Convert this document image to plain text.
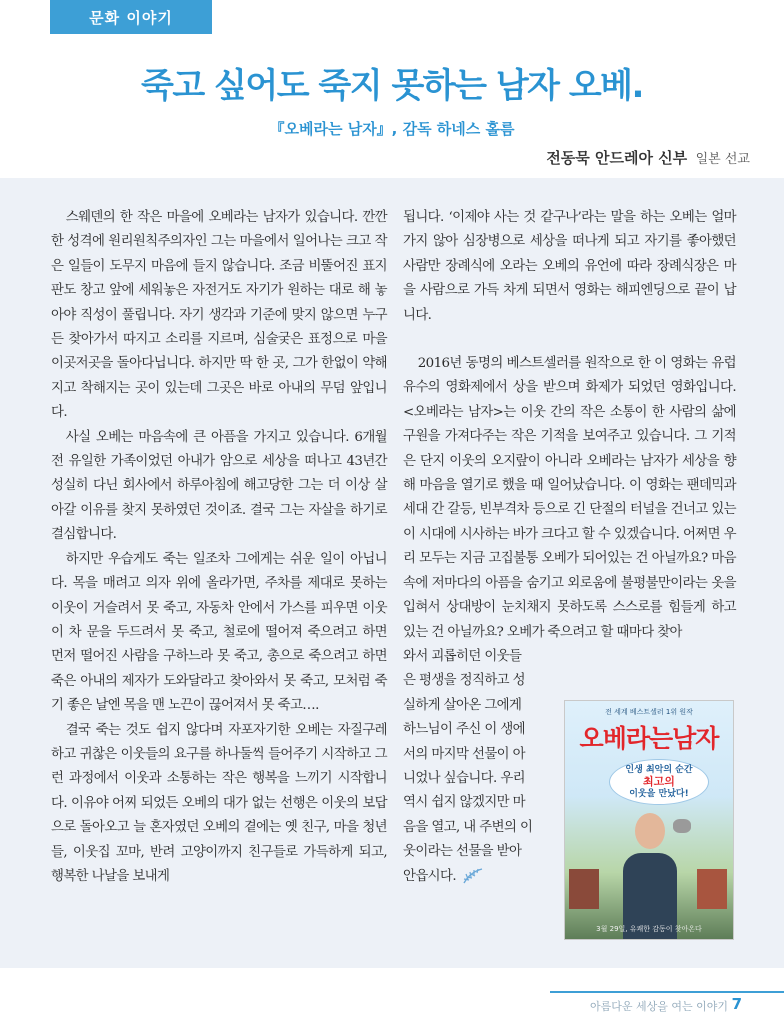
문화 이야기
죽고 싶어도 죽지 못하는 남자 오베.
『오베라는 남자』, 감독 하네스 홀름
전동묵 안드레아 신부 일본 선교

스웨덴의 한 작은 마을에 오베라는 남자가 있습니다. 깐깐한 성격에 원리원칙주의자인 그는 마을에서 일어나는 크고 작은 일들이 도무지 마음에 들지 않습니다. 조금 비뚤어진 표지판도 창고 앞에 세워놓은 자전거도 자기가 원하는 대로 해 놓아야 직성이 풀립니다. 자기 생각과 기준에 맞지 않으면 누구든 찾아가서 따지고 소리를 지르며, 심술궂은 표정으로 마을 이곳저곳을 돌아다닙니다. 하지만 딱 한 곳, 그가 한없이 약해지고 착해지는 곳이 있는데 그곳은 바로 아내의 무덤 앞입니다.

사실 오베는 마음속에 큰 아픔을 가지고 있습니다. 6개월 전 유일한 가족이었던 아내가 암으로 세상을 떠나고 43년간 성실히 다닌 회사에서 하루아침에 해고당한 그는 더 이상 살아갈 이유를 찾지 못하였던 것이죠. 결국 그는 자살을 하기로 결심합니다.

하지만 우습게도 죽는 일조차 그에게는 쉬운 일이 아닙니다. 목을 매려고 의자 위에 올라가면, 주차를 제대로 못하는 이웃이 거슬려서 못 죽고, 자동차 안에서 가스를 피우면 이웃이 차 문을 두드려서 못 죽고, 철로에 떨어져 죽으려고 하면 먼저 떨어진 사람을 구하느라 못 죽고, 총으로 죽으려고 하면 죽은 아내의 제자가 도와달라고 찾아와서 못 죽고, 모처럼 죽기 좋은 날엔 목을 맨 노끈이 끊어져서 못 죽고….

결국 죽는 것도 쉽지 않다며 자포자기한 오베는 자질구레하고 귀찮은 이웃들의 요구를 하나둘씩 들어주기 시작하고 그런 과정에서 이웃과 소통하는 작은 행복을 느끼기 시작합니다. 이유야 어찌 되었든 오베의 대가 없는 선행은 이웃의 보답으로 돌아오고 늘 혼자였던 오베의 곁에는 옛 친구, 마을 청년들, 이웃집 꼬마, 반려 고양이까지 친구들로 가득하게 되고, 행복한 나날을 보내게

됩니다. ‘이제야 사는 것 같구나’라는 말을 하는 오베는 얼마 가지 않아 심장병으로 세상을 떠나게 되고 자기를 좋아했던 사람만 장례식에 오라는 오베의 유언에 따라 장례식장은 마을 사람으로 가득 차게 되면서 영화는 해피엔딩으로 끝이 납니다.

2016년 동명의 베스트셀러를 원작으로 한 이 영화는 유럽 유수의 영화제에서 상을 받으며 화제가 되었던 영화입니다. <오베라는 남자>는 이웃 간의 작은 소통이 한 사람의 삶에 구원을 가져다주는 작은 기적을 보여주고 있습니다. 그 기적은 단지 이웃의 오지랖이 아니라 오베라는 남자가 세상을 향해 마음을 열기로 했을 때 일어났습니다. 이 영화는 팬데믹과 세대 간 갈등, 빈부격차 등으로 긴 단절의 터널을 건너고 있는 이 시대에 시사하는 바가 크다고 할 수 있겠습니다. 어쩌면 우리 모두는 지금 고집불통 오베가 되어있는 건 아닐까요? 마음속에 저마다의 아픔을 숨기고 외로움에 불평불만이라는 옷을 입혀서 상대방이 눈치채지 못하도록 스스로를 힘들게 하고 있는 건 아닐까요? 오베가 죽으려고 할 때마다 찾아

와서 괴롭히던 이웃들
은 평생을 정직하고 성
실하게 살아온 그에게
하느님이 주신 이 생에
서의 마지막 선물이 아
니었나 싶습니다. 우리
역시 쉽지 않겠지만 마
음을 열고, 내 주변의 이
웃이라는 선물을 받아
안읍시다.
전 세계 베스트셀러 1위 원작
오베라는남자
인생 최악의 순간
최고의
이웃을 만났다!
3월 29일, 유쾌한 감동이 찾아온다
아름다운 세상을 여는 이야기 7
